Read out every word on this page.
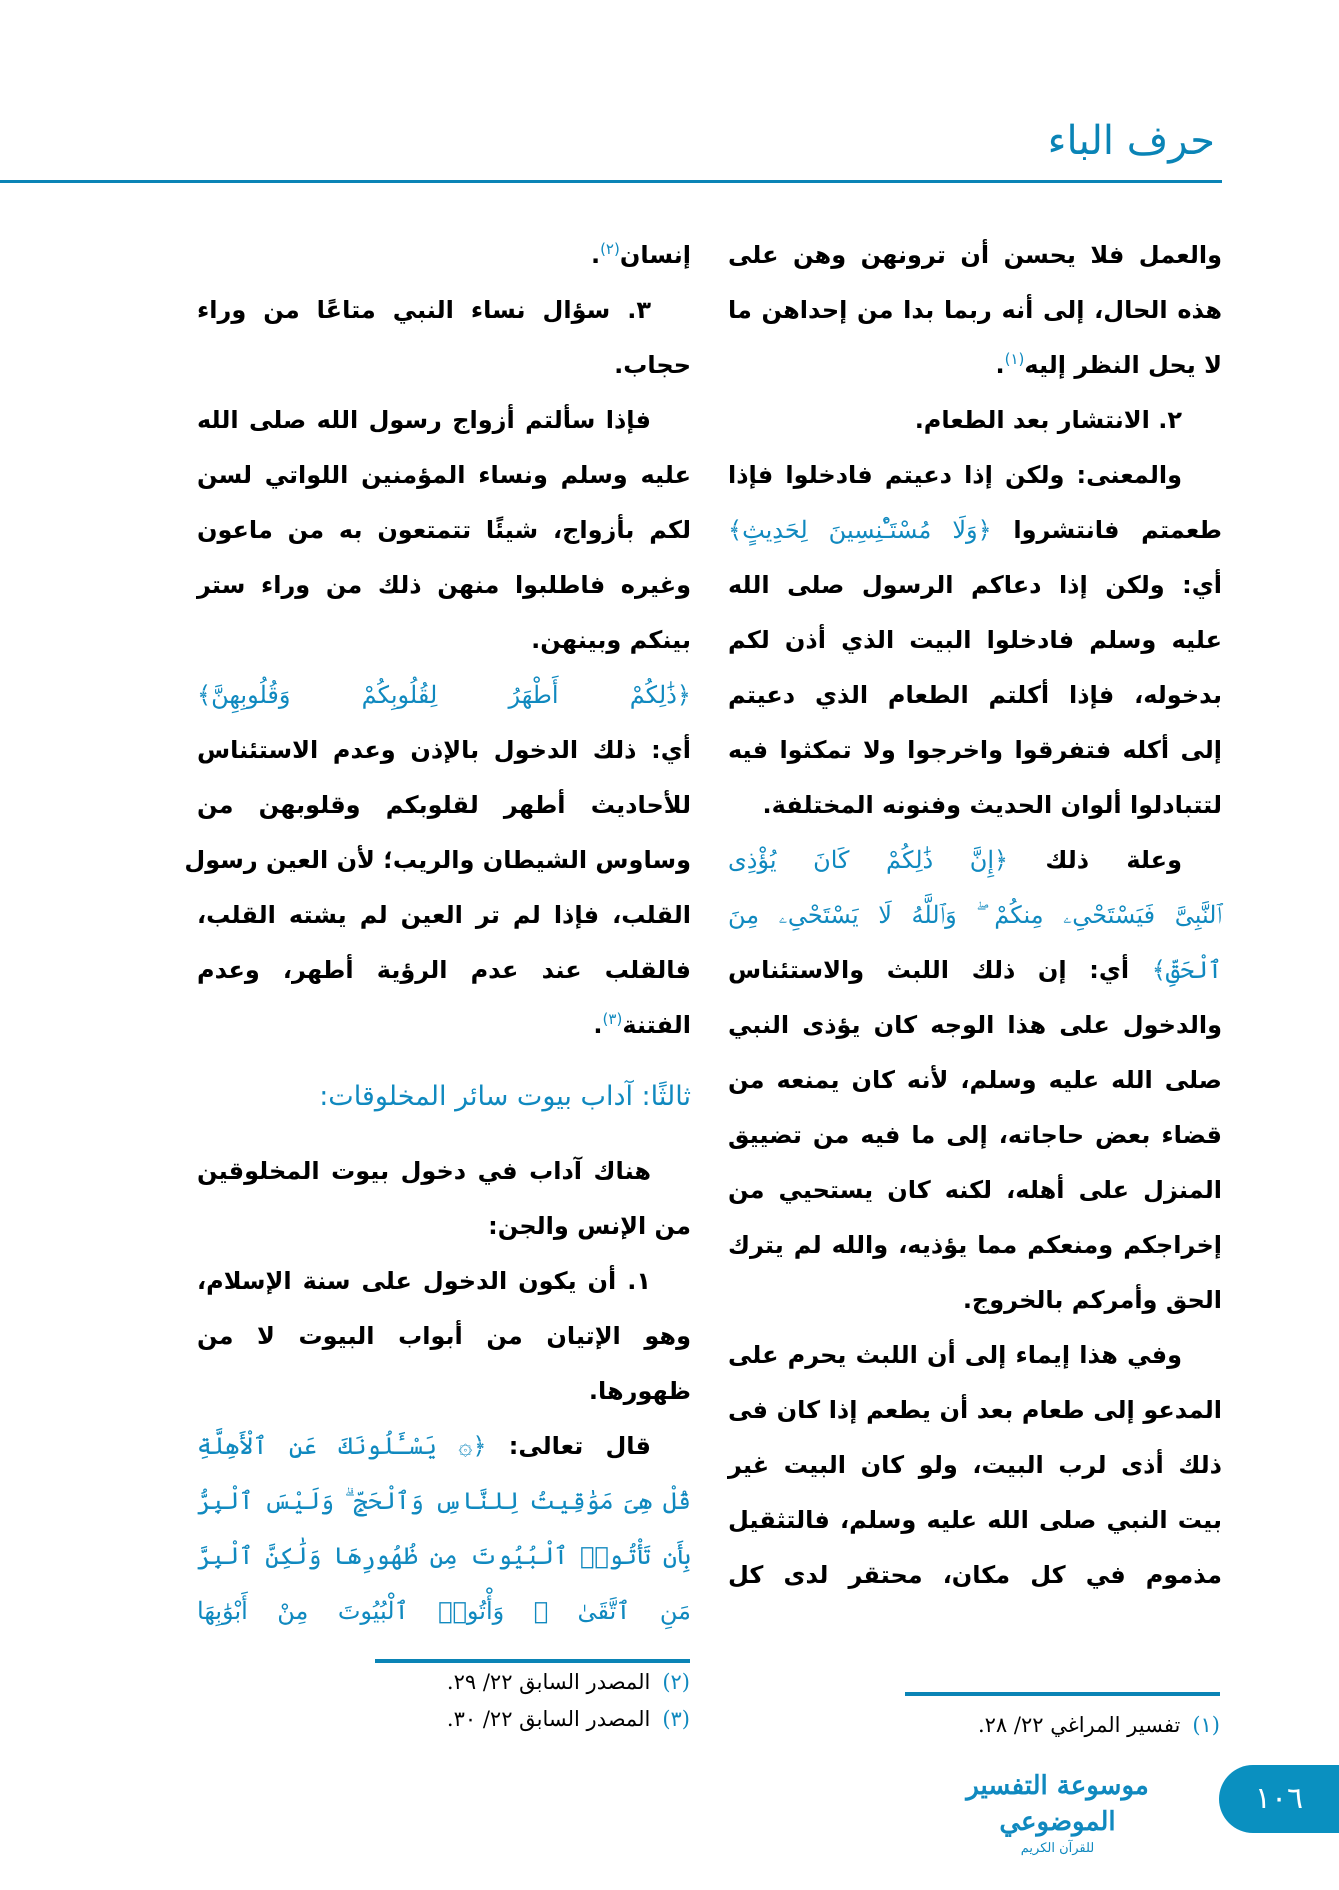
حرف الباء
والعمل فلا يحسن أن ترونهن وهن على
هذه الحال، إلى أنه ربما بدا من إحداهن ما
لا يحل النظر إليه$^{(١)}$.
٢. الانتشار بعد الطعام.
والمعنى: ولكن إذا دعيتم فادخلوا فإذا
طعمتم فانتشروا ﴿وَلَا مُسْتَـْٔنِسِينَ لِحَدِيثٍ﴾
أي: ولكن إذا دعاكم الرسول صلى الله
عليه وسلم فادخلوا البيت الذي أذن لكم
بدخوله، فإذا أكلتم الطعام الذي دعيتم
إلى أكله فتفرقوا واخرجوا ولا تمكثوا فيه
لتتبادلوا ألوان الحديث وفنونه المختلفة.
وعلة ذلك ﴿إِنَّ ذَٰلِكُمْ كَانَ يُؤْذِى
ٱلنَّبِىَّ فَيَسْتَحْىِۦ مِنكُمْ ۖ وَٱللَّهُ لَا يَسْتَحْىِۦ مِنَ
ٱلْحَقِّ﴾ أي: إن ذلك اللبث والاستئناس
والدخول على هذا الوجه كان يؤذى النبي
صلى الله عليه وسلم، لأنه كان يمنعه من
قضاء بعض حاجاته، إلى ما فيه من تضييق
المنزل على أهله، لكنه كان يستحيي من
إخراجكم ومنعكم مما يؤذيه، والله لم يترك
الحق وأمركم بالخروج.
وفي هذا إيماء إلى أن اللبث يحرم على
المدعو إلى طعام بعد أن يطعم إذا كان فى
ذلك أذى لرب البيت، ولو كان البيت غير
بيت النبي صلى الله عليه وسلم، فالتثقيل
مذموم في كل مكان، محتقر لدى كل
إنسان$^{(٢)}$.
٣. سؤال نساء النبي متاعًا من وراء
حجاب.
فإذا سألتم أزواج رسول الله صلى الله
عليه وسلم ونساء المؤمنين اللواتي لسن
لكم بأزواج، شيئًا تتمتعون به من ماعون
وغيره فاطلبوا منهن ذلك من وراء ستر
بينكم وبينهن.
﴿ذَٰلِكُمْ أَطْهَرُ لِقُلُوبِكُمْ وَقُلُوبِهِنَّ﴾
أي: ذلك الدخول بالإذن وعدم الاستئناس
للأحاديث أطهر لقلوبكم وقلوبهن من
وساوس الشيطان والريب؛ لأن العين رسول
القلب، فإذا لم تر العين لم يشته القلب،
فالقلب عند عدم الرؤية أطهر، وعدم
الفتنة$^{(٣)}$.
ثالثًا: آداب بيوت سائر المخلوقات:
هناك آداب في دخول بيوت المخلوقين
من الإنس والجن:
١. أن يكون الدخول على سنة الإسلام،
وهو الإتيان من أبواب البيوت لا من
ظهورها.
قال تعالى: ﴿۞ يَسْـَٔلُونَكَ عَنِ ٱلْأَهِلَّةِ
قُلْ هِىَ مَوَٰقِيتُ لِلنَّاسِ وَٱلْحَجِّ ۗ وَلَيْسَ ٱلْبِرُّ
بِأَن تَأْتُوا۟ ٱلْبُيُوتَ مِن ظُهُورِهَا وَلَٰكِنَّ ٱلْبِرَّ
مَنِ ٱتَّقَىٰ ۗ وَأْتُوا۟ ٱلْبُيُوتَ مِنْ أَبْوَٰبِهَا
(٢)المصدر السابق ٢٢/ ٢٩.
(٣)المصدر السابق ٢٢/ ٣٠.	(١)تفسير المراغي ٢٢/ ٢٨.
موسوعة التفسير الموضوعي
للقرآن الكريم
١٠٦
